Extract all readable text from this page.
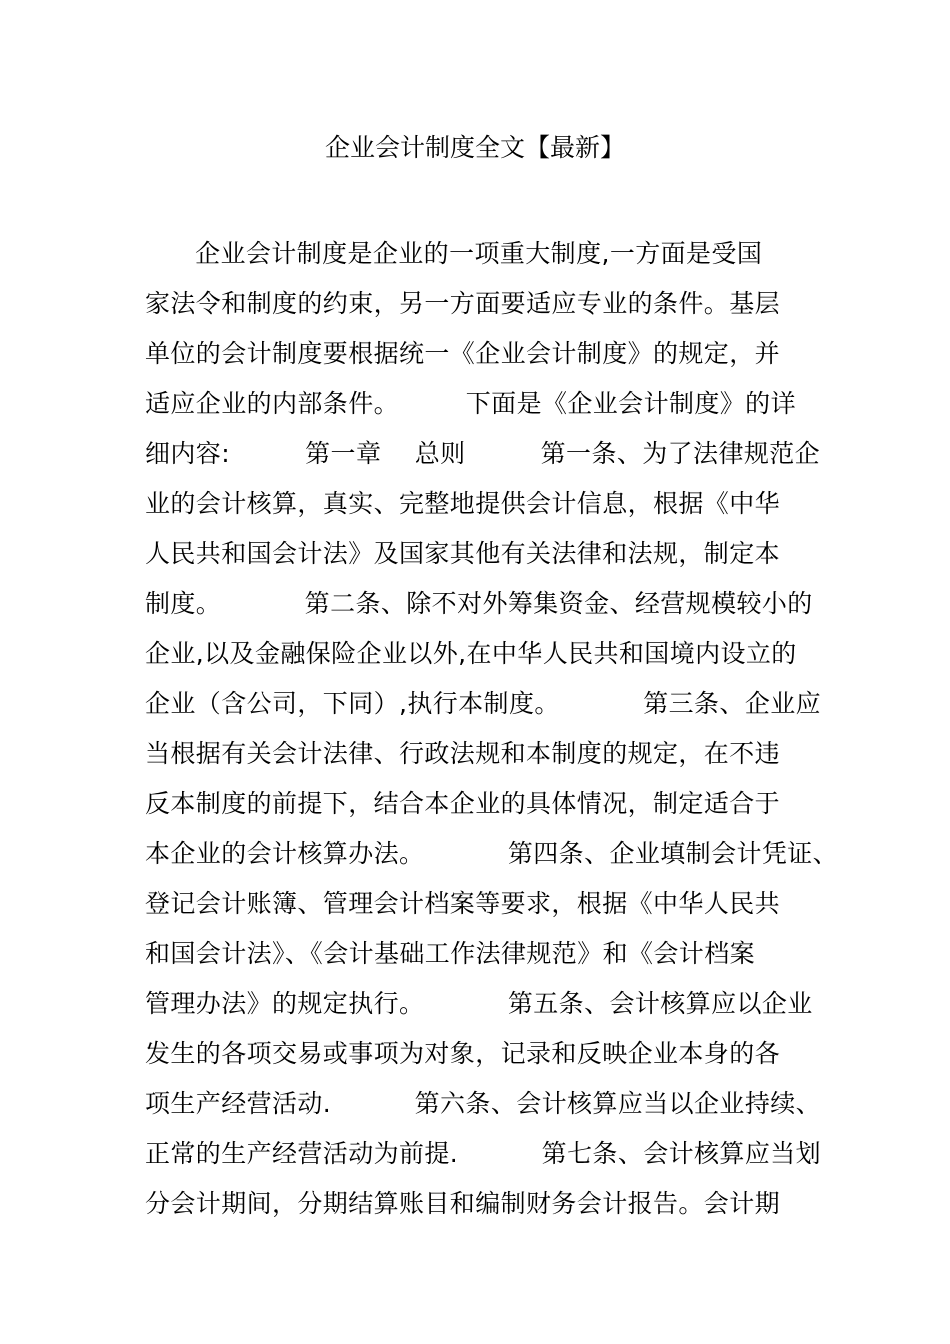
企业会计制度全文【最新】
企业会计制度是企业的一项重大制度,一方面是受国
家法令和制度的约束，另一方面要适应专业的条件。基层
单位的会计制度要根据统一《企业会计制度》的规定，并
适应企业的内部条件。        下面是《企业会计制度》的详
细内容:         第一章    总则         第一条、为了法律规范企
业的会计核算，真实、完整地提供会计信息，根据《中华
人民共和国会计法》及国家其他有关法律和法规，制定本
制度。          第二条、除不对外筹集资金、经营规模较小的
企业,以及金融保险企业以外,在中华人民共和国境内设立的
企业（含公司，下同）,执行本制度。          第三条、企业应
当根据有关会计法律、行政法规和本制度的规定，在不违
反本制度的前提下，结合本企业的具体情况，制定适合于
本企业的会计核算办法。          第四条、企业填制会计凭证、
登记会计账簿、管理会计档案等要求，根据《中华人民共
和国会计法》、《会计基础工作法律规范》和《会计档案
管理办法》的规定执行。          第五条、会计核算应以企业
发生的各项交易或事项为对象，记录和反映企业本身的各
项生产经营活动.          第六条、会计核算应当以企业持续、
正常的生产经营活动为前提.          第七条、会计核算应当划
分会计期间，分期结算账目和编制财务会计报告。会计期
